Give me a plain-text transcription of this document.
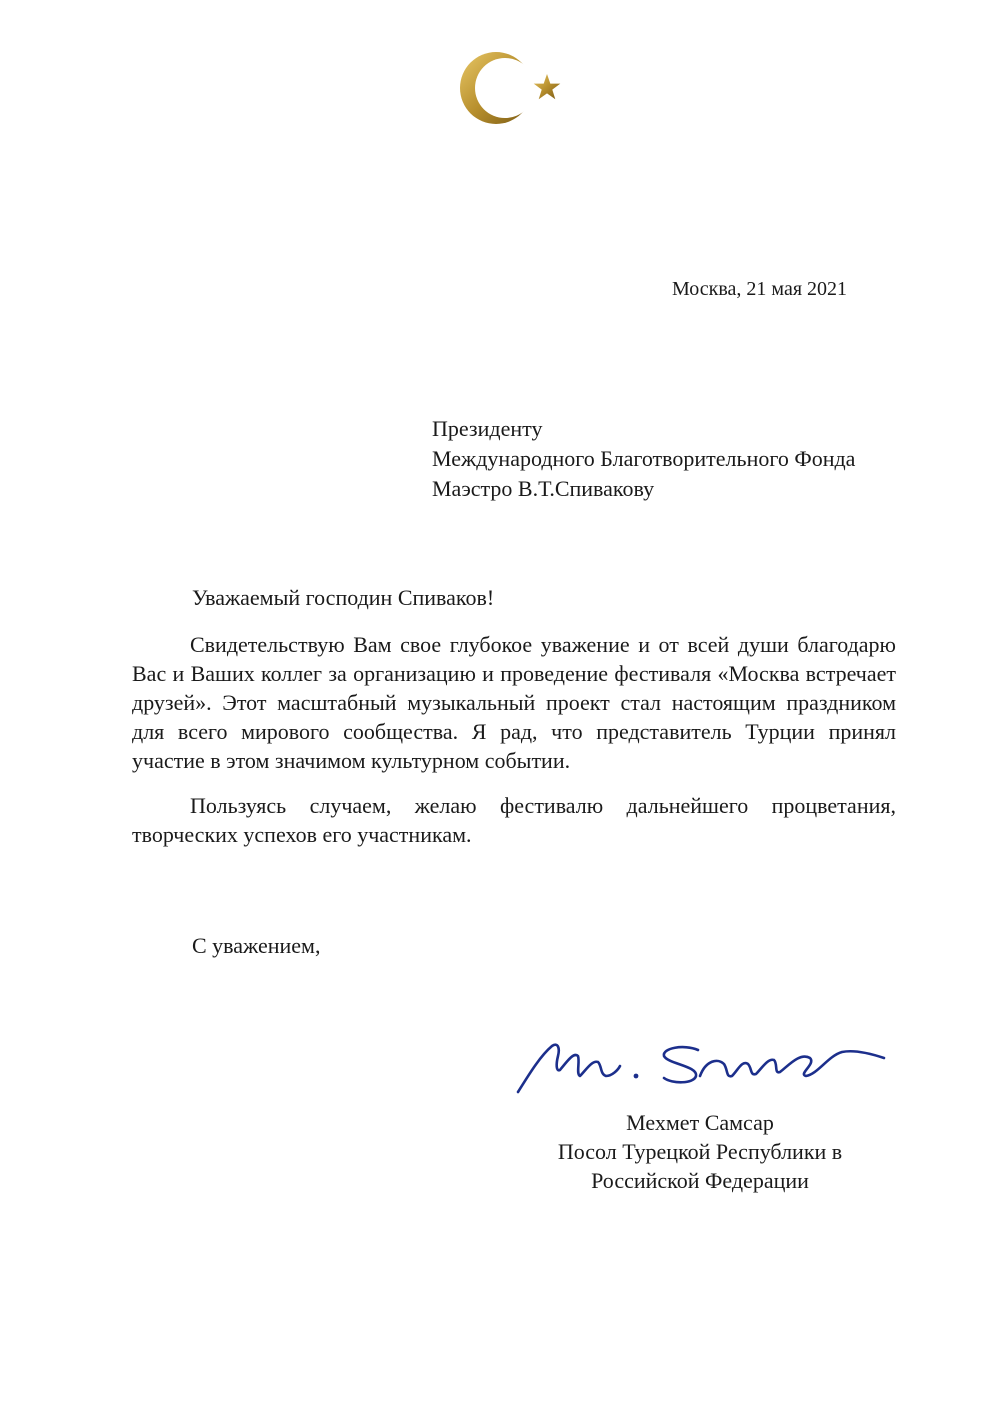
Москва, 21 мая 2021
Президенту
Международного Благотворительного Фонда
Маэстро В.Т.Спивакову
Уважаемый господин Спиваков!

Свидетельствую Вам свое глубокое уважение и от всей души благодарю Вас и Ваших коллег за организацию и проведение фестиваля «Москва встречает друзей». Этот масштабный музыкальный проект стал настоящим праздником для всего мирового сообщества. Я рад, что представитель Турции принял участие в этом значимом культурном событии.

Пользуясь случаем, желаю фестивалю дальнейшего процветания, творческих успехов его участникам.

С уважением,
Мехмет Самсар
Посол Турецкой Республики в
Российской Федерации
